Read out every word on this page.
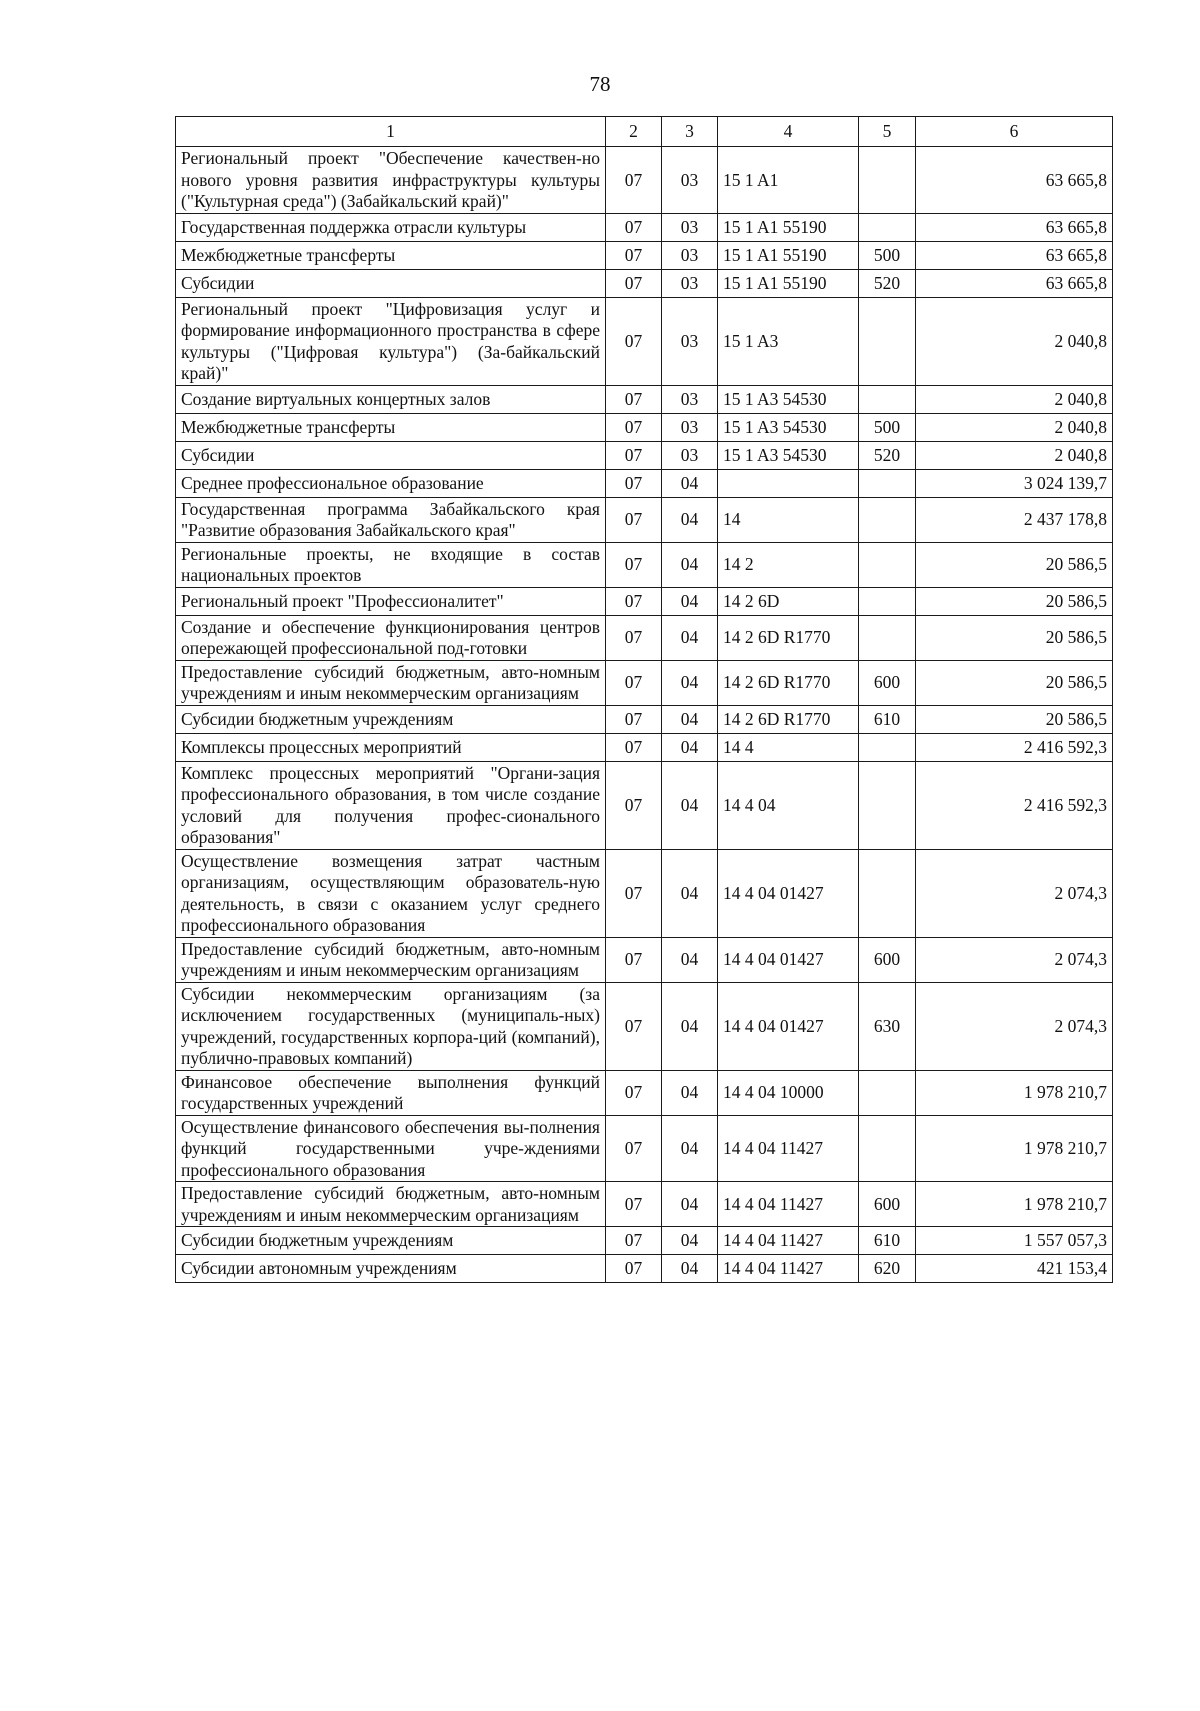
78
1	2	3	4	5	6
Региональный проект "Обеспечение качествен-но нового уровня развития инфраструктуры культуры ("Культурная среда") (Забайкальский край)"	07	03	15 1 A1		63 665,8
Государственная поддержка отрасли культуры	07	03	15 1 A1 55190		63 665,8
Межбюджетные трансферты	07	03	15 1 A1 55190	500	63 665,8
Субсидии	07	03	15 1 A1 55190	520	63 665,8
Региональный проект "Цифровизация услуг и формирование информационного пространства в сфере культуры ("Цифровая культура") (За-байкальский край)"	07	03	15 1 A3		2 040,8
Создание виртуальных концертных залов	07	03	15 1 A3 54530		2 040,8
Межбюджетные трансферты	07	03	15 1 A3 54530	500	2 040,8
Субсидии	07	03	15 1 A3 54530	520	2 040,8
Среднее профессиональное образование	07	04			3 024 139,7
Государственная программа Забайкальского края "Развитие образования Забайкальского края"	07	04	14		2 437 178,8
Региональные проекты, не входящие в состав национальных проектов	07	04	14 2		20 586,5
Региональный проект "Профессионалитет"	07	04	14 2 6D		20 586,5
Создание и обеспечение функционирования центров опережающей профессиональной под-готовки	07	04	14 2 6D R1770		20 586,5
Предоставление субсидий бюджетным, авто-номным учреждениям и иным некоммерческим организациям	07	04	14 2 6D R1770	600	20 586,5
Субсидии бюджетным учреждениям	07	04	14 2 6D R1770	610	20 586,5
Комплексы процессных мероприятий	07	04	14 4		2 416 592,3
Комплекс процессных мероприятий "Органи-зация профессионального образования, в том числе создание условий для получения профес-сионального образования"	07	04	14 4 04		2 416 592,3
Осуществление возмещения затрат частным организациям, осуществляющим образователь-ную деятельность, в связи с оказанием услуг среднего профессионального образования	07	04	14 4 04 01427		2 074,3
Предоставление субсидий бюджетным, авто-номным учреждениям и иным некоммерческим организациям	07	04	14 4 04 01427	600	2 074,3
Субсидии некоммерческим организациям (за исключением государственных (муниципаль-ных) учреждений, государственных корпора-ций (компаний), публично-правовых компаний)	07	04	14 4 04 01427	630	2 074,3
Финансовое обеспечение выполнения функций государственных учреждений	07	04	14 4 04 10000		1 978 210,7
Осуществление финансового обеспечения вы-полнения функций государственными учре-ждениями профессионального образования	07	04	14 4 04 11427		1 978 210,7
Предоставление субсидий бюджетным, авто-номным учреждениям и иным некоммерческим организациям	07	04	14 4 04 11427	600	1 978 210,7
Субсидии бюджетным учреждениям	07	04	14 4 04 11427	610	1 557 057,3
Субсидии автономным учреждениям	07	04	14 4 04 11427	620	421 153,4
